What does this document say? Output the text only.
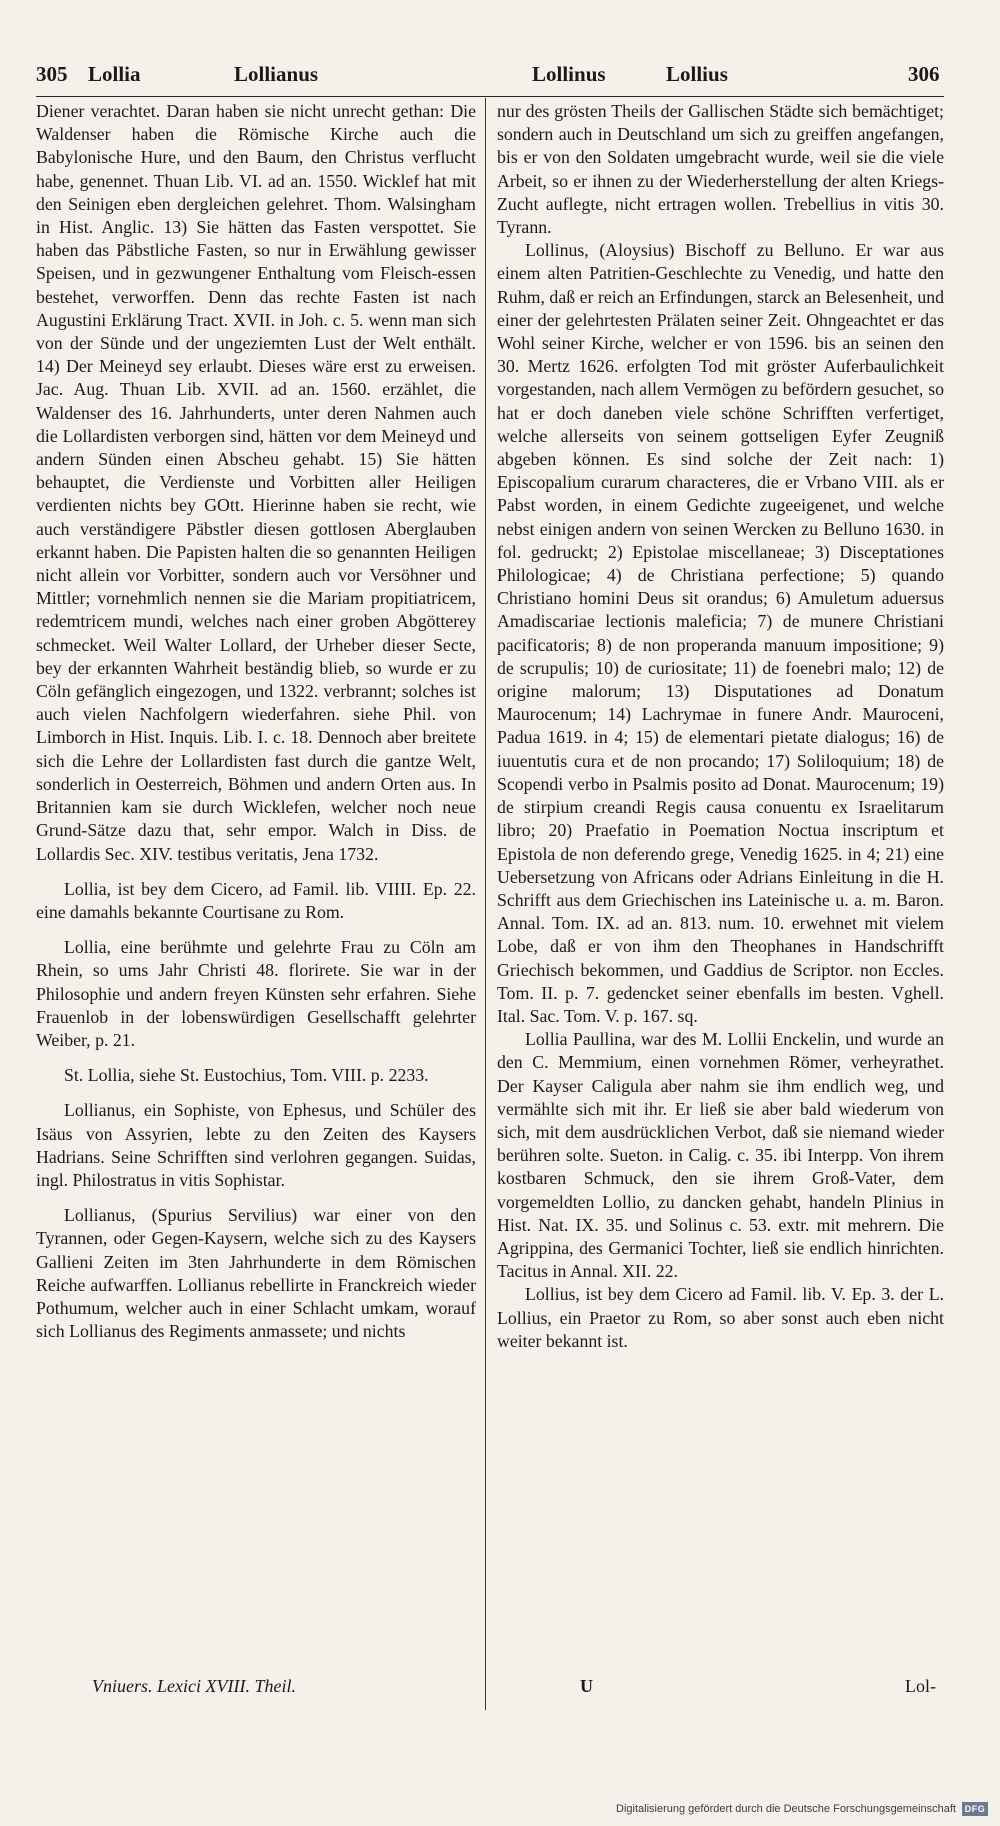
305 Lollia	Lollianus	Lollinus	Lollius	306

Diener verachtet. Daran haben sie nicht unrecht gethan: Die Waldenser haben die Römische Kirche auch die Babylonische Hure, und den Baum, den Christus verflucht habe, genennet. Thuan Lib. VI. ad an. 1550. Wicklef hat mit den Seinigen eben dergleichen gelehret. Thom. Walsingham in Hist. Anglic. 13) Sie hätten das Fasten verspottet. Sie haben das Päbstliche Fasten, so nur in Erwählung gewisser Speisen, und in gezwungener Enthaltung vom Fleisch-essen bestehet, verworffen. Denn das rechte Fasten ist nach Augustini Erklärung Tract. XVII. in Joh. c. 5. wenn man sich von der Sünde und der ungeziemten Lust der Welt enthält. 14) Der Meineyd sey erlaubt. Dieses wäre erst zu erweisen. Jac. Aug. Thuan Lib. XVII. ad an. 1560. erzählet, die Waldenser des 16. Jahrhunderts, unter deren Nahmen auch die Lollardisten verborgen sind, hätten vor dem Meineyd und andern Sünden einen Abscheu gehabt. 15) Sie hätten behauptet, die Verdienste und Vorbitten aller Heiligen verdienten nichts bey GOtt. Hierinne haben sie recht, wie auch verständigere Päbstler diesen gottlosen Aberglauben erkannt haben. Die Papisten halten die so genannten Heiligen nicht allein vor Vorbitter, sondern auch vor Versöhner und Mittler; vornehmlich nennen sie die Mariam propitiatricem, redemtricem mundi, welches nach einer groben Abgötterey schmecket. Weil Walter Lollard, der Urheber dieser Secte, bey der erkannten Wahrheit beständig blieb, so wurde er zu Cöln gefänglich eingezogen, und 1322. verbrannt; solches ist auch vielen Nachfolgern wiederfahren. siehe Phil. von Limborch in Hist. Inquis. Lib. I. c. 18. Dennoch aber breitete sich die Lehre der Lollardisten fast durch die gantze Welt, sonderlich in Oesterreich, Böhmen und andern Orten aus. In Britannien kam sie durch Wicklefen, welcher noch neue Grund-Sätze dazu that, sehr empor. Walch in Diss. de Lollardis Sec. XIV. testibus veritatis, Jena 1732.

Lollia, ist bey dem Cicero, ad Famil. lib. VIIII. Ep. 22. eine damahls bekannte Courtisane zu Rom.

Lollia, eine berühmte und gelehrte Frau zu Cöln am Rhein, so ums Jahr Christi 48. florirete. Sie war in der Philosophie und andern freyen Künsten sehr erfahren. Siehe Frauenlob in der lobenswürdigen Gesellschafft gelehrter Weiber, p. 21.

St. Lollia, siehe St. Eustochius, Tom. VIII. p. 2233.

Lollianus, ein Sophiste, von Ephesus, und Schüler des Isäus von Assyrien, lebte zu den Zeiten des Kaysers Hadrians. Seine Schrifften sind verlohren gegangen. Suidas, ingl. Philostratus in vitis Sophistar.

Lollianus, (Spurius Servilius) war einer von den Tyrannen, oder Gegen-Kaysern, welche sich zu des Kaysers Gallieni Zeiten im 3ten Jahrhunderte in dem Römischen Reiche aufwarffen. Lollianus rebellirte in Franckreich wieder Pothumum, welcher auch in einer Schlacht umkam, worauf sich Lollianus des Regiments anmassete; und nichts

nur des grösten Theils der Gallischen Städte sich bemächtiget; sondern auch in Deutschland um sich zu greiffen angefangen, bis er von den Soldaten umgebracht wurde, weil sie die viele Arbeit, so er ihnen zu der Wiederherstellung der alten Kriegs-Zucht auflegte, nicht ertragen wollen. Trebellius in vitis 30. Tyrann.

Lollinus, (Aloysius) Bischoff zu Belluno. Er war aus einem alten Patritien-Geschlechte zu Venedig, und hatte den Ruhm, daß er reich an Erfindungen, starck an Belesenheit, und einer der gelehrtesten Prälaten seiner Zeit. Ohngeachtet er das Wohl seiner Kirche, welcher er von 1596. bis an seinen den 30. Mertz 1626. erfolgten Tod mit gröster Auferbaulichkeit vorgestanden, nach allem Vermögen zu befördern gesuchet, so hat er doch daneben viele schöne Schrifften verfertiget, welche allerseits von seinem gottseligen Eyfer Zeugniß abgeben können. Es sind solche der Zeit nach: 1) Episcopalium curarum characteres, die er Vrbano VIII. als er Pabst worden, in einem Gedichte zugeeigenet, und welche nebst einigen andern von seinen Wercken zu Belluno 1630. in fol. gedruckt; 2) Epistolae miscellaneae; 3) Disceptationes Philologicae; 4) de Christiana perfectione; 5) quando Christiano homini Deus sit orandus; 6) Amuletum aduersus Amadiscariae lectionis maleficia; 7) de munere Christiani pacificatoris; 8) de non properanda manuum impositione; 9) de scrupulis; 10) de curiositate; 11) de foenebri malo; 12) de origine malorum; 13) Disputationes ad Donatum Maurocenum; 14) Lachrymae in funere Andr. Mauroceni, Padua 1619. in 4; 15) de elementari pietate dialogus; 16) de iuuentutis cura et de non procando; 17) Soliloquium; 18) de Scopendi verbo in Psalmis posito ad Donat. Maurocenum; 19) de stirpium creandi Regis causa conuentu ex Israelitarum libro; 20) Praefatio in Poemation Noctua inscriptum et Epistola de non deferendo grege, Venedig 1625. in 4; 21) eine Uebersetzung von Africans oder Adrians Einleitung in die H. Schrifft aus dem Griechischen ins Lateinische u. a. m. Baron. Annal. Tom. IX. ad an. 813. num. 10. erwehnet mit vielem Lobe, daß er von ihm den Theophanes in Handschrifft Griechisch bekommen, und Gaddius de Scriptor. non Eccles. Tom. II. p. 7. gedencket seiner ebenfalls im besten. Vghell. Ital. Sac. Tom. V. p. 167. sq.

Lollia Paullina, war des M. Lollii Enckelin, und wurde an den C. Memmium, einen vornehmen Römer, verheyrathet. Der Kayser Caligula aber nahm sie ihm endlich weg, und vermählte sich mit ihr. Er ließ sie aber bald wiederum von sich, mit dem ausdrücklichen Verbot, daß sie niemand wieder berühren solte. Sueton. in Calig. c. 35. ibi Interpp. Von ihrem kostbaren Schmuck, den sie ihrem Groß-Vater, dem vorgemeldten Lollio, zu dancken gehabt, handeln Plinius in Hist. Nat. IX. 35. und Solinus c. 53. extr. mit mehrern. Die Agrippina, des Germanici Tochter, ließ sie endlich hinrichten. Tacitus in Annal. XII. 22.

Lollius, ist bey dem Cicero ad Famil. lib. V. Ep. 3. der L. Lollius, ein Praetor zu Rom, so aber sonst auch eben nicht weiter bekannt ist.

Vniuers. Lexici XVIII. Theil.	U	Lol-
Digitalisierung gefördert durch die Deutsche Forschungsgemeinschaft DFG
